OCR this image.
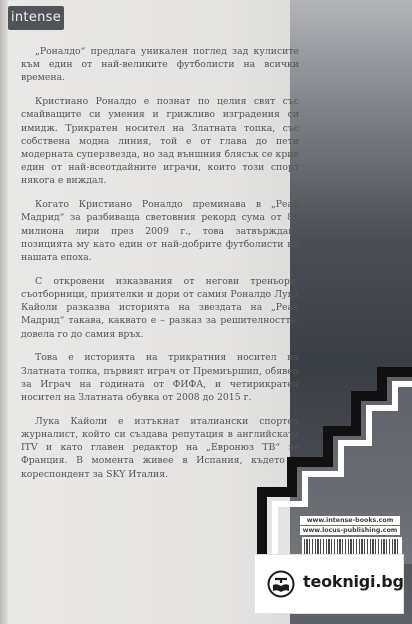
intense

„Роналдо“ предлага уникален поглед зад кулисите към един от най-великите футболисти на всички времена.

Кристиано Роналдо е познат по целия свят със смайващите си умения и грижливо изградения си имидж. Трикратен носител на Златната топка, със собствена модна линия, той е от глава до пети модерната суперзвезда, но зад външния блясък се крие един от най-всеотдайните играчи, които този спорт някога е виждал.

Когато Кристиано Роналдо преминава в „Реал Мадрид“ за разбиваща световния рекорд сума от 80 милиона лири през 2009 г., това затвърждава позицията му като един от най-добрите футболисти на нашата епоха.

С откровени изказвания от негови треньори, съотборници, приятелки и дори от самия Роналдо Лука Кайоли разказва историята на звездата на „Реал Мадрид“ такава, каквато е – разказ за решителността, довела го до самия връх.

Това е историята на трикратния носител на Златната топка, първият играч от Премиършип, обявен за Играч на годината от ФИФА, и четирикратен носител на Златната обувка от 2008 до 2015 г.

Лука Кайоли е изтъкнат италиански спортен журналист, който си създава репутация в английската ITV и като главен редактор на „Евронюз ТВ“ за Франция. В момента живее в Испания, където е кореспондент за SKY Италия.

www.intense-books.com
www.locus-publishing.com
teoknigi.bg
